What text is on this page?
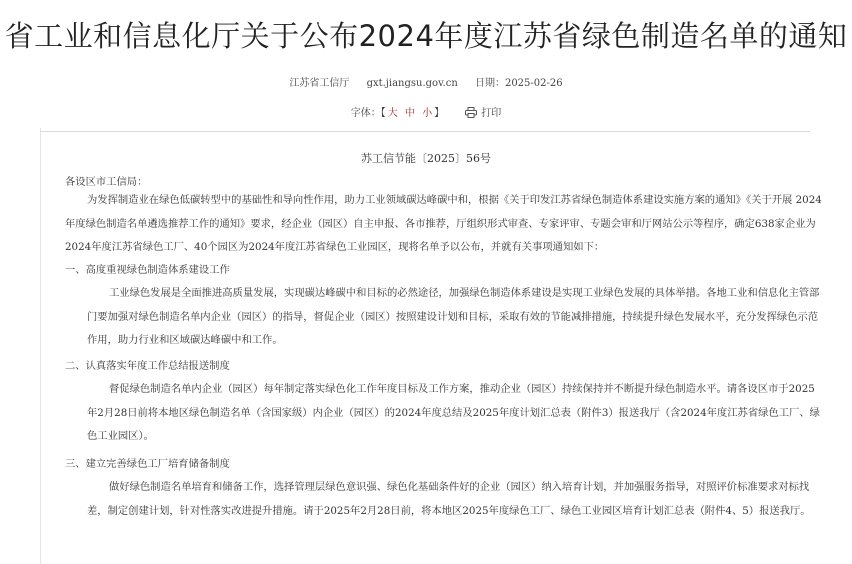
省工业和信息化厅关于公布2024年度江苏省绿色制造名单的通知
江苏省工信厅 gxt.jiangsu.gov.cn 日期：2025-02-26
字体：【 大 中 小 】	打印
苏工信节能〔2025〕56号

各设区市工信局：

为发挥制造业在绿色低碳转型中的基础性和导向性作用，助力工业领域碳达峰碳中和，根据《关于印发江苏省绿色制造体系建设实施方案的通知》《关于开展 2024 年度绿色制造名单遴选推荐工作的通知》要求，经企业（园区）自主申报、各市推荐，厅组织形式审查、专家评审、专题会审和厅网站公示等程序，确定638家企业为2024年度江苏省绿色工厂、40个园区为2024年度江苏省绿色工业园区，现将名单予以公布，并就有关事项通知如下：

一、高度重视绿色制造体系建设工作

工业绿色发展是全面推进高质量发展，实现碳达峰碳中和目标的必然途径，加强绿色制造体系建设是实现工业绿色发展的具体举措。各地工业和信息化主管部门要加强对绿色制造名单内企业（园区）的指导，督促企业（园区）按照建设计划和目标，采取有效的节能减排措施，持续提升绿色发展水平，充分发挥绿色示范作用，助力行业和区域碳达峰碳中和工作。

二、认真落实年度工作总结报送制度

督促绿色制造名单内企业（园区）每年制定落实绿色化工作年度目标及工作方案，推动企业（园区）持续保持并不断提升绿色制造水平。请各设区市于2025年2月28日前将本地区绿色制造名单（含国家级）内企业（园区）的2024年度总结及2025年度计划汇总表（附件3）报送我厅（含2024年度江苏省绿色工厂、绿色工业园区）。

三、建立完善绿色工厂培育储备制度

做好绿色制造名单培育和储备工作，选择管理层绿色意识强、绿色化基础条件好的企业（园区）纳入培育计划，并加强服务指导，对照评价标准要求对标找差，制定创建计划，针对性落实改进提升措施。请于2025年2月28日前，将本地区2025年度绿色工厂、绿色工业园区培育计划汇总表（附件4、5）报送我厅。
